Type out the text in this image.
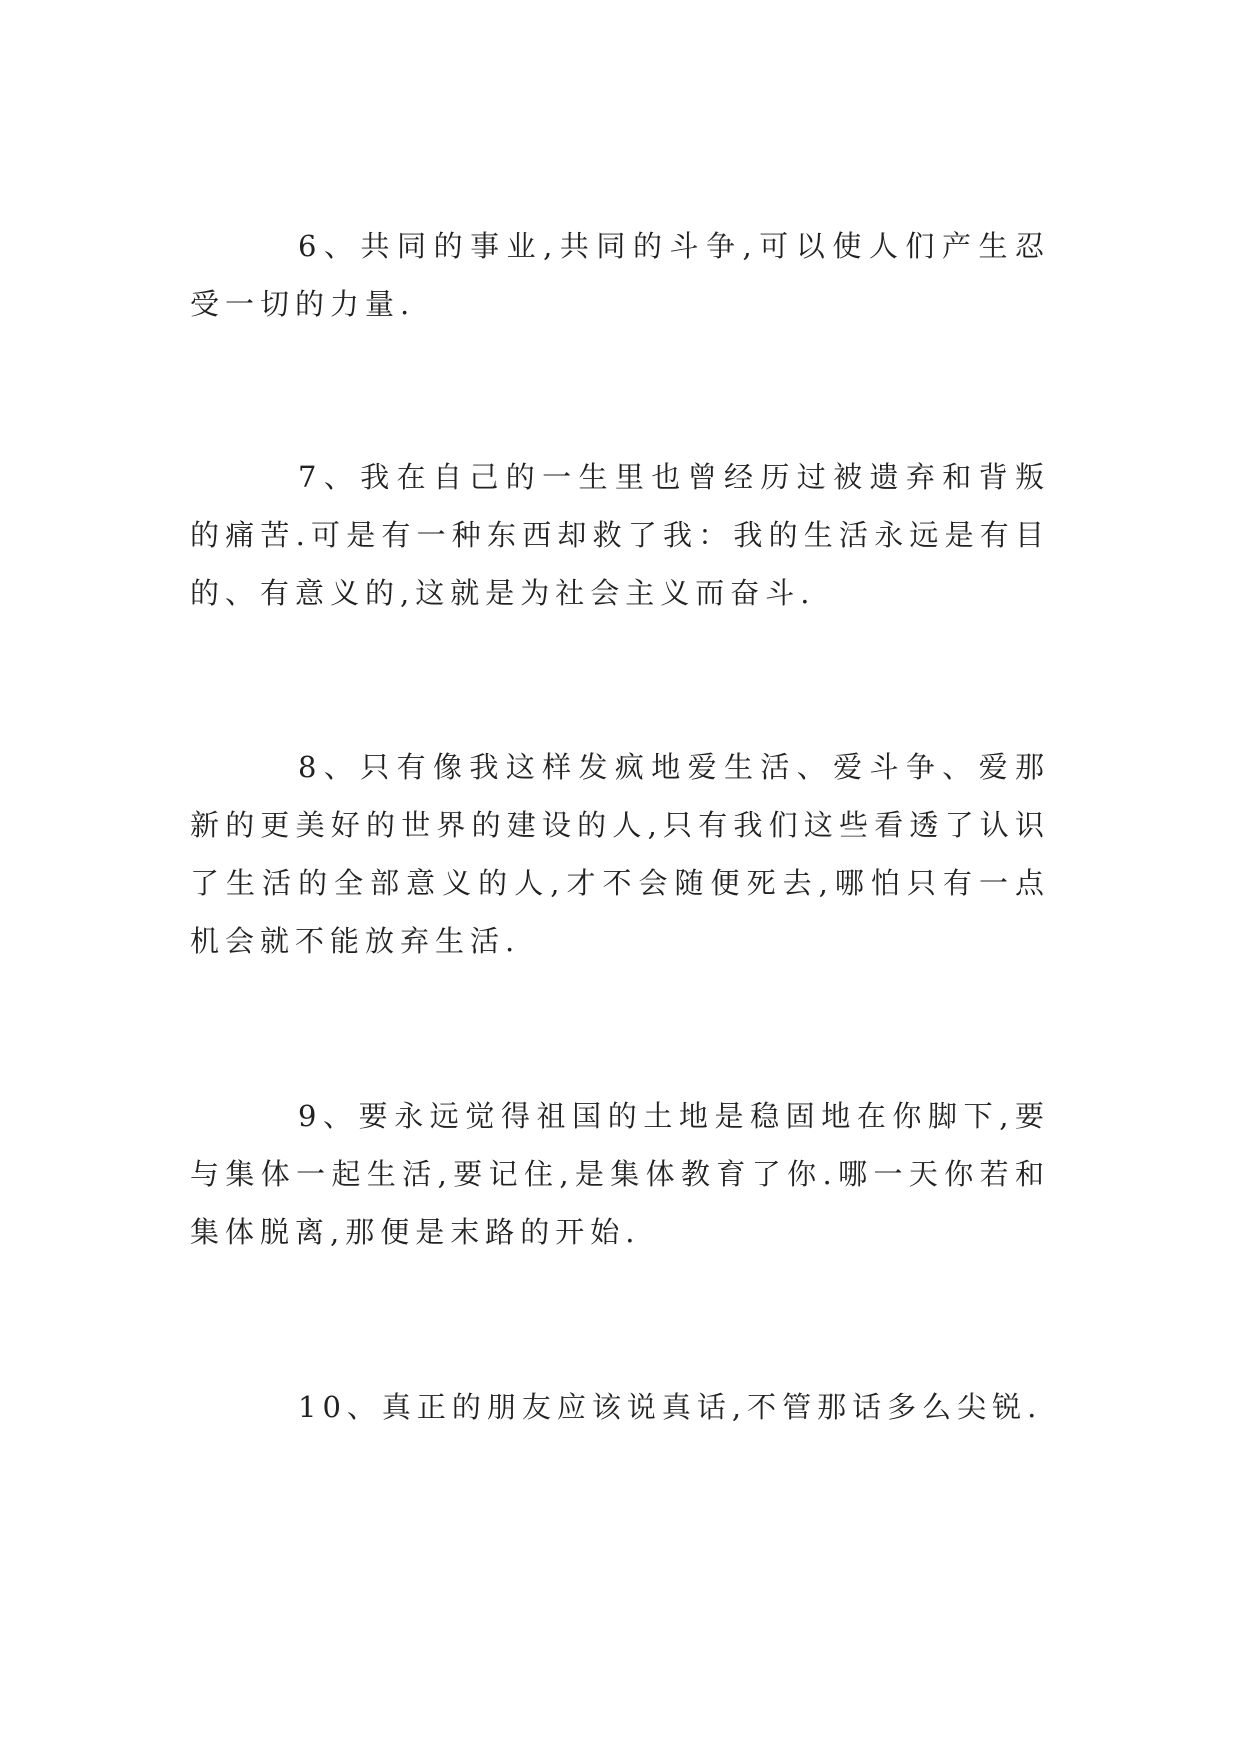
6、共同的事业,共同的斗争,可以使人们产生忍受一切的力量.

7、我在自己的一生里也曾经历过被遗弃和背叛的痛苦.可是有一种东西却救了我：我的生活永远是有目的、有意义的,这就是为社会主义而奋斗.

8、只有像我这样发疯地爱生活、爱斗争、爱那新的更美好的世界的建设的人,只有我们这些看透了认识了生活的全部意义的人,才不会随便死去,哪怕只有一点机会就不能放弃生活.

9、要永远觉得祖国的土地是稳固地在你脚下,要与集体一起生活,要记住,是集体教育了你.哪一天你若和集体脱离,那便是末路的开始.

10、真正的朋友应该说真话,不管那话多么尖锐.
